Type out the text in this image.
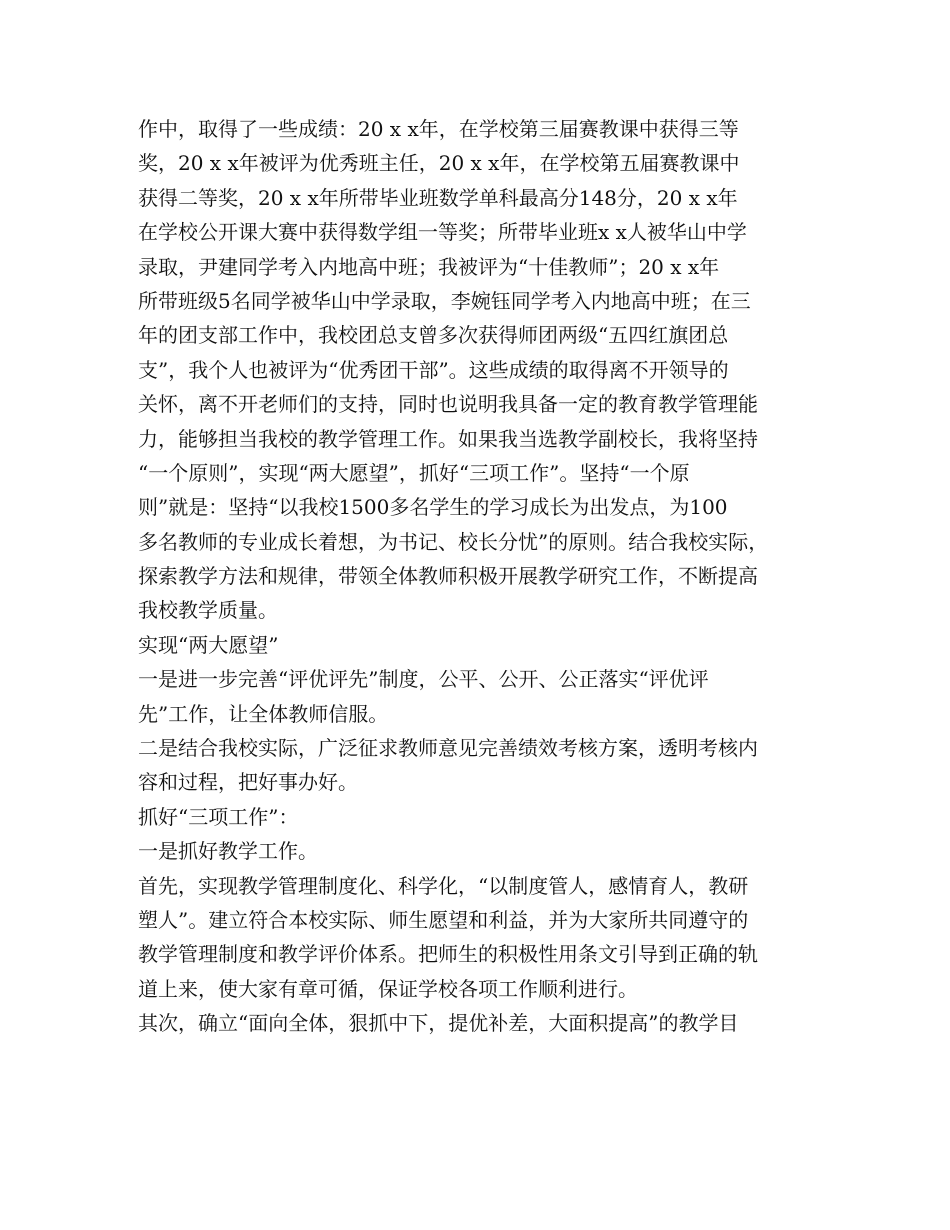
作中，取得了一些成绩：20 x x年，在学校第三届赛教课中获得三等
奖，20 x x年被评为优秀班主任，20 x x年，在学校第五届赛教课中
获得二等奖，20 x x年所带毕业班数学单科最高分148分，20 x x年
在学校公开课大赛中获得数学组一等奖；所带毕业班x x人被华山中学
录取，尹建同学考入内地高中班；我被评为“十佳教师”；20 x x年
所带班级5名同学被华山中学录取，李婉钰同学考入内地高中班；在三
年的团支部工作中，我校团总支曾多次获得师团两级“五四红旗团总
支”，我个人也被评为“优秀团干部”。这些成绩的取得离不开领导的
关怀，离不开老师们的支持，同时也说明我具备一定的教育教学管理能
力，能够担当我校的教学管理工作。如果我当选教学副校长，我将坚持
“一个原则”，实现“两大愿望”，抓好“三项工作”。坚持“一个原
则”就是：坚持“以我校1500多名学生的学习成长为出发点，为100
多名教师的专业成长着想，为书记、校长分忧”的原则。结合我校实际，
探索教学方法和规律，带领全体教师积极开展教学研究工作，不断提高
我校教学质量。
实现“两大愿望”
一是进一步完善“评优评先”制度，公平、公开、公正落实“评优评
先”工作，让全体教师信服。
二是结合我校实际，广泛征求教师意见完善绩效考核方案，透明考核内
容和过程，把好事办好。
抓好“三项工作”：
一是抓好教学工作。
首先，实现教学管理制度化、科学化，“以制度管人，感情育人，教研
塑人”。建立符合本校实际、师生愿望和利益，并为大家所共同遵守的
教学管理制度和教学评价体系。把师生的积极性用条文引导到正确的轨
道上来，使大家有章可循，保证学校各项工作顺利进行。
其次，确立“面向全体，狠抓中下，提优补差，大面积提高”的教学目
